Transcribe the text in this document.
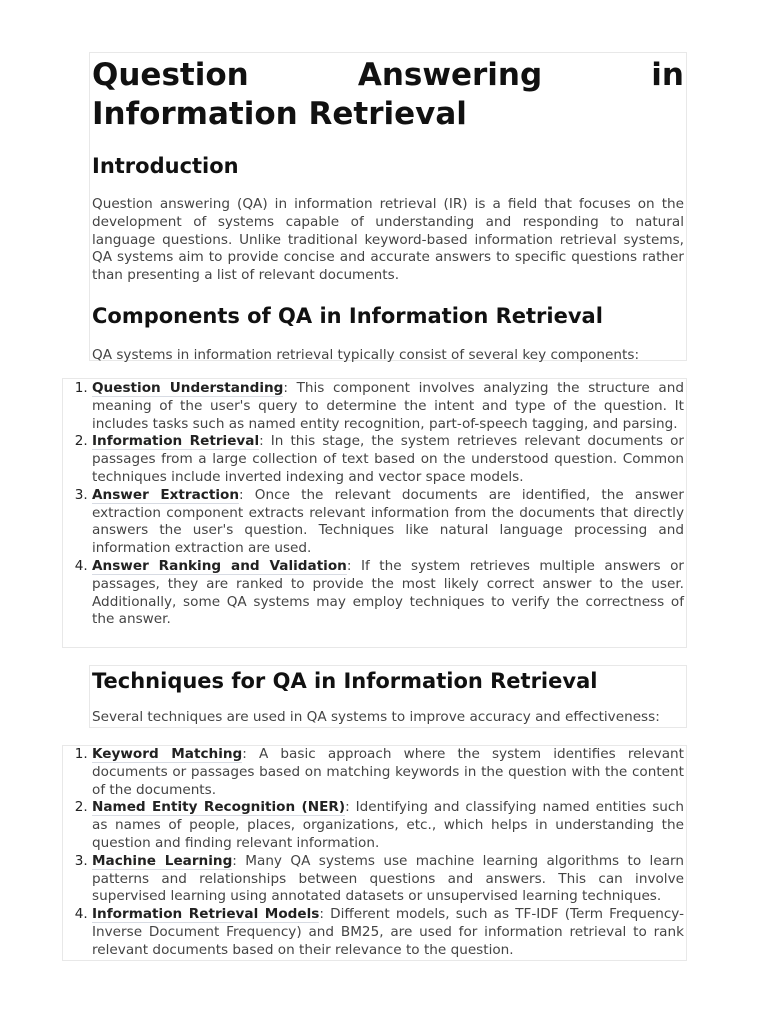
Question Answering in
Information Retrieval
Introduction

Question answering (QA) in information retrieval (IR) is a field that focuses on the development of systems capable of understanding and responding to natural language questions. Unlike traditional keyword-based information retrieval systems, QA systems aim to provide concise and accurate answers to specific questions rather than presenting a list of relevant documents.

Components of QA in Information Retrieval

QA systems in information retrieval typically consist of several key components:

1. Question Understanding: This component involves analyzing the structure and meaning of the user's query to determine the intent and type of the question. It includes tasks such as named entity recognition, part-of-speech tagging, and parsing.
2. Information Retrieval: In this stage, the system retrieves relevant documents or passages from a large collection of text based on the understood question. Common techniques include inverted indexing and vector space models.
3. Answer Extraction: Once the relevant documents are identified, the answer extraction component extracts relevant information from the documents that directly answers the user's question. Techniques like natural language processing and information extraction are used.
4. Answer Ranking and Validation: If the system retrieves multiple answers or passages, they are ranked to provide the most likely correct answer to the user. Additionally, some QA systems may employ techniques to verify the correctness of the answer.
Techniques for QA in Information Retrieval

Several techniques are used in QA systems to improve accuracy and effectiveness:

1. Keyword Matching: A basic approach where the system identifies relevant documents or passages based on matching keywords in the question with the content of the documents.
2. Named Entity Recognition (NER): Identifying and classifying named entities such as names of people, places, organizations, etc., which helps in understanding the question and finding relevant information.
3. Machine Learning: Many QA systems use machine learning algorithms to learn patterns and relationships between questions and answers. This can involve supervised learning using annotated datasets or unsupervised learning techniques.
4. Information Retrieval Models: Different models, such as TF-IDF (Term Frequency-Inverse Document Frequency) and BM25, are used for information retrieval to rank relevant documents based on their relevance to the question.
